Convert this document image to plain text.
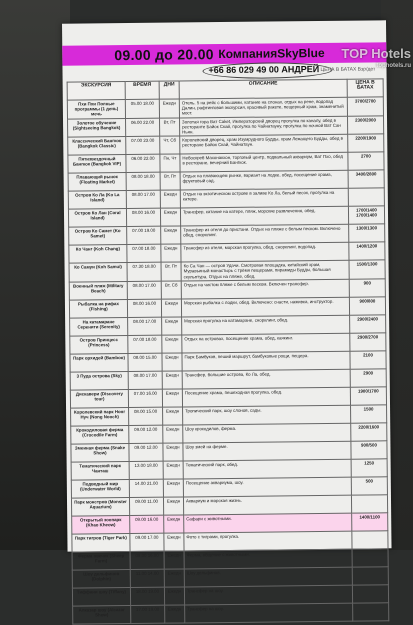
09.00 до 20.00 КомпанияSkyBlue
+66 86 029 49 00 АНДРЕЙ ЦЕНА В БАТАХ Взр/дет
ЭКСКУРСИЯ	ВРЕМЯ	ДНИ	ОПИСАНИЕ	ЦЕНА В БАТАХ
Пхи Пхи Полные программы (1 день) мечь	05.00 18.00	Ежедн	Отель. 5 на рейс с большими, катание на слонах, отдых на рене, водопад Далин, рафтинговая экскурсия, красивый ракете, пещерный храм, знаменитый мост.	3700/2700
Золотое обучение (Sightseeing Bangkok)	06.00 22.00	Вт, Пт	Золотая гора Ват Саket, Императорский дворец прогулка по каналу, обед в ресторанте Байок Скай, прогулка по Чайнатауну, прогулка по ночной Ват Сан Ньян.	2300/2000
Классический Бангкок (Bangkok Classic)	07.00 23.00	Чт, Сб	Королевский дворец, храм Изумрудного Будды, храм Лежащего Будды, обед в ресторане Байок Скай, Чайнатаун.	2200/1900
Пятизвездочный Бангкок (Bangkok VIP)	06.00 22.00	Пн, Чт	Небоскреб Махонакхон, торговый центр, подвальный аквариум, Ват Пхо, обед в ресторане, вечерний Бангкок.	2700
Плавающий рынок (Floating Market)	08.00 18.00	Вт, Пт	Отдых на плавающем рынке, вариант на лодке, обед, посещение храма, фруктовый сад.	3400/2800
Остров Ко Ла (Ko La Island)	08.00 17.00	Ежедн	Отдых на экзотическом острове в заливе Ко Ла, белый песок, прогулка на катере.	
Остров Ко Лан (Coral Island)	08.00 16.00	Ежедн	Трансфер, катание на катере, пляж, морские развлечения, обед.	1700/1400 1700/1400
Остров Ко Самет (Ko Samet)	07.00 19.00	Ежедн	Трансфер из отеля до пристани. Отдых на пляже с белым песком. Включено обед, снорклинг.	1300/1300
Ко Чанг (Koh Chang)	07.00 18.00	Ежедн	Трансфер из отеля, морская прогулка, обед, снорклинг, водопад.	1400/1200
Ко Самуи (Koh Samui)	07.30 18.00	Вт, Пт	Ко Са Чан — остров Удачи. Смотровая площадка, китайский храм, Муравьиный монастырь с трёмя пещерами, пирамиды Будды, большая скульптура. Отдых на пляже, обед.	1500/1300
Военный пляж (Military Beach)	08.00 17.00	Вт, Сб	Отдых на чистом пляже с белым песком. Включен трансфер.	900
Рыбалка на рифах (Fishing)	08.00 16.00	Ежедн	Морская рыбалка с лодки, обед. Включено: снасти, наживка, инструктор.	900/800
На катамаране Серенити (Serenity)	08.00 17.00	Ежедн	Морская прогулка на катамаране, снорклинг, обед.	2900/2400
Остров Принцесс (Princess)	07.00 18.00	Ежедн	Отдых на островах, посещение храма, обед, каякинг.	2900/2700
Парк орхидей (Bamboo)	08.00 15.00	Ежедн	Парк Бамбуков, пеший маршрут, бамбуковые рощи, пещера.	2100
3 Пуда острова (Sky)	08.00 17.00	Ежедн	Трансфер, большие острова, Ко Ла, обед.	2900
Дискавери (Discovery tour)	07.00 16.00	Ежедн	Посещение храма, пешеходная прогулка, обед.	1900/1700
Королевский парк Нонг Нуч (Nong Nooch)	08.00 15.00	Ежедн	Тропический парк, шоу слонов, сады.	1500
Крокодиловая ферма (Crocodile Farm)	09.00 12.00	Ежедн	Шоу крокодилов, ферма.	2200/1600
Змеиная ферма (Snake Show)	09.00 12.00	Ежедн	Шоу змей на ферме.	900/500
Тематический парк Чанташ	13.00 18.00	Ежедн	Тематический парк, обед.	1250
Подводный мир (Underwater World)	14.00 21.00	Ежедн	Посещение аквариума, шоу.	500
Парк монстров (Monster Aquarium)	09.00 11.00	Ежедн	Аквариум и морская жизнь.	
Открытый зоопарк (Khao Kheow)	09.00 16.00	Ежедн	Сафари с животными.	1400/1100
Парк тигров (Tiger Park)	09.00 17.00	Ежедн	Фото с тиграми, прогулка.	
Ферма овечек (Sheep Farm)	09.00 16.00	Ежедн	Ферма, общение с животными.	
Шоу дельфинов (Dolphin)	11.00 14.00	Ежедн	Шоу дельфинов.	
Тиффани шоу (Tiffany)	18.00 19.00	Ежедн	Трансфер на шоу.	
Алказар шоу (Alcazar Show)	17.00 19.00	Ежедн	Трансфер на шоу.	
TOP Hotels
tophotels.ru
